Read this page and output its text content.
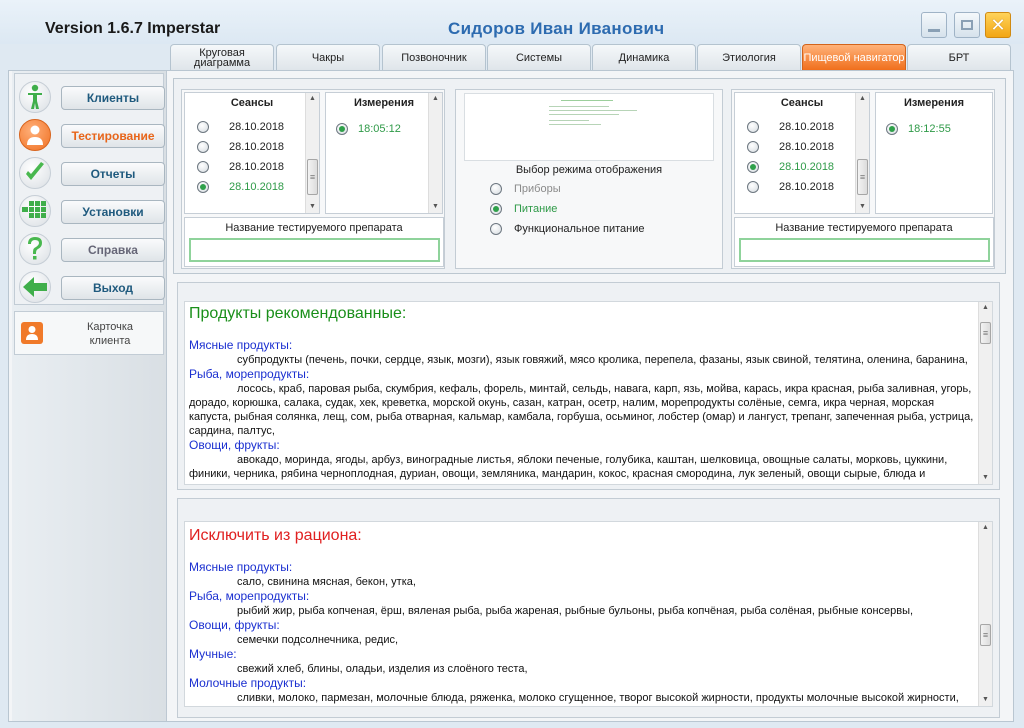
Version 1.6.7 Imperstar	Сидоров Иван Иванович	✕
Круговая диаграмма	Чакры	Позвоночник	Системы	Динамика	Этиология	Пищевой навигатор	БРТ
Клиенты
Тестирование
Отчеты
Установки
Справка
Выход
Карточка
клиента
Сеансы
28.10.2018
28.10.2018
28.10.2018
28.10.2018
▲
≡
▼
Измерения
18:05:12
▲
▼
Название тестируемого препарата
Выбор режима отображения
Приборы
Питание
Функциональное питание
Сеансы
28.10.2018
28.10.2018
28.10.2018
28.10.2018
▲
≡
▼
Измерения
18:12:55
Название тестируемого препарата
Продукты рекомендованные:
Мясные продукты:
субпродукты (печень, почки, сердце, язык, мозги), язык говяжий, мясо кролика, перепела, фазаны, язык свиной, телятина, оленина, баранина,
Рыба, морепродукты:
лосось, краб, паровая рыба, скумбрия, кефаль, форель, минтай, сельдь, навага, карп, язь, мойва, карась, икра красная, рыба заливная, угорь, дорадо, корюшка, салака, судак, хек, креветка, морской окунь, сазан, катран, осетр, налим, морепродукты солёные, семга, икра черная, морская капуста, рыбная солянка, лещ, сом, рыба отварная, кальмар, камбала, горбуша, осьминог, лобстер (омар) и лангуст, трепанг, запеченная рыба, устрица, сардина, палтус,
Овощи, фрукты:
авокадо, моринда, ягоды, арбуз, виноградные листья, яблоки печеные, голубика, каштан, шелковица, овощные салаты, морковь, цуккини, финики, черника, рябина черноплодная, дуриан, овощи, земляника, мандарин, кокос, красная смородина, лук зеленый, овощи сырые, блюда и
▲
≡
▼
Исключить из рациона:
Мясные продукты:
сало, свинина мясная, бекон, утка,
Рыба, морепродукты:
рыбий жир, рыба копченая, ёрш, вяленая рыба, рыба жареная, рыбные бульоны, рыба копчёная, рыба солёная, рыбные консервы,
Овощи, фрукты:
семечки подсолнечника, редис,
Мучные:
свежий хлеб, блины, оладьи, изделия из слоёного теста,
Молочные продукты:
сливки, молоко, пармезан, молочные блюда, ряженка, молоко сгущенное, творог высокой жирности, продукты молочные высокой жирности,
▲
≡
▼
